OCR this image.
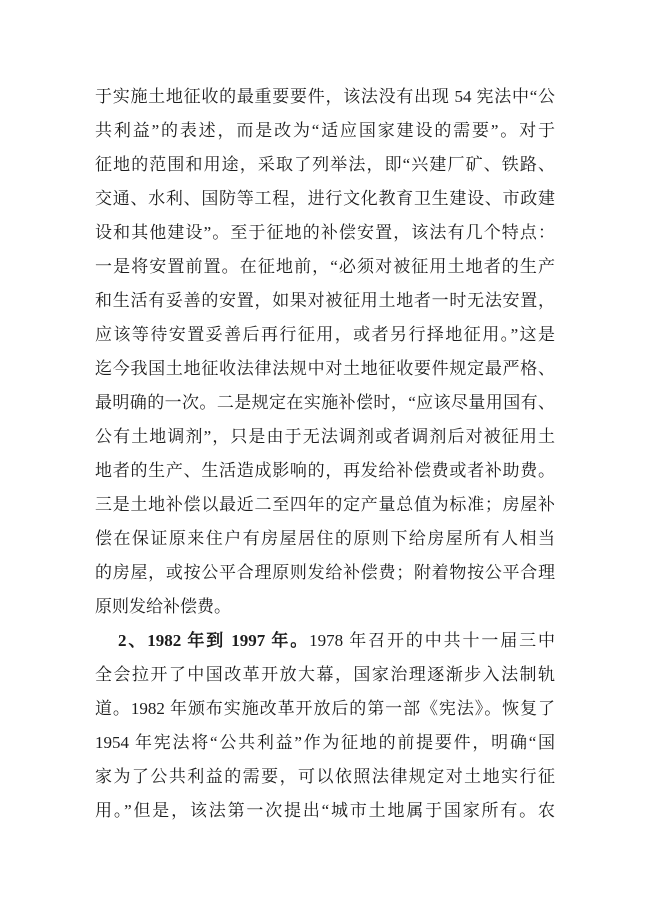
于实施土地征收的最重要要件，该法没有出现 54 宪法中“公
共利益”的表述，而是改为“适应国家建设的需要”。对于
征地的范围和用途，采取了列举法，即“兴建厂矿、铁路、
交通、水利、国防等工程，进行文化教育卫生建设、市政建
设和其他建设”。至于征地的补偿安置，该法有几个特点：
一是将安置前置。在征地前，“必须对被征用土地者的生产
和生活有妥善的安置，如果对被征用土地者一时无法安置，
应该等待安置妥善后再行征用，或者另行择地征用。”这是
迄今我国土地征收法律法规中对土地征收要件规定最严格、
最明确的一次。二是规定在实施补偿时，“应该尽量用国有、
公有土地调剂”，只是由于无法调剂或者调剂后对被征用土
地者的生产、生活造成影响的，再发给补偿费或者补助费。
三是土地补偿以最近二至四年的定产量总值为标准；房屋补
偿在保证原来住户有房屋居住的原则下给房屋所有人相当
的房屋，或按公平合理原则发给补偿费；附着物按公平合理
原则发给补偿费。
2、1982 年到 1997 年。1978 年召开的中共十一届三中
全会拉开了中国改革开放大幕，国家治理逐渐步入法制轨
道。1982 年颁布实施改革开放后的第一部《宪法》。恢复了
1954 年宪法将“公共利益”作为征地的前提要件，明确“国
家为了公共利益的需要，可以依照法律规定对土地实行征
用。”但是，该法第一次提出“城市土地属于国家所有。农
